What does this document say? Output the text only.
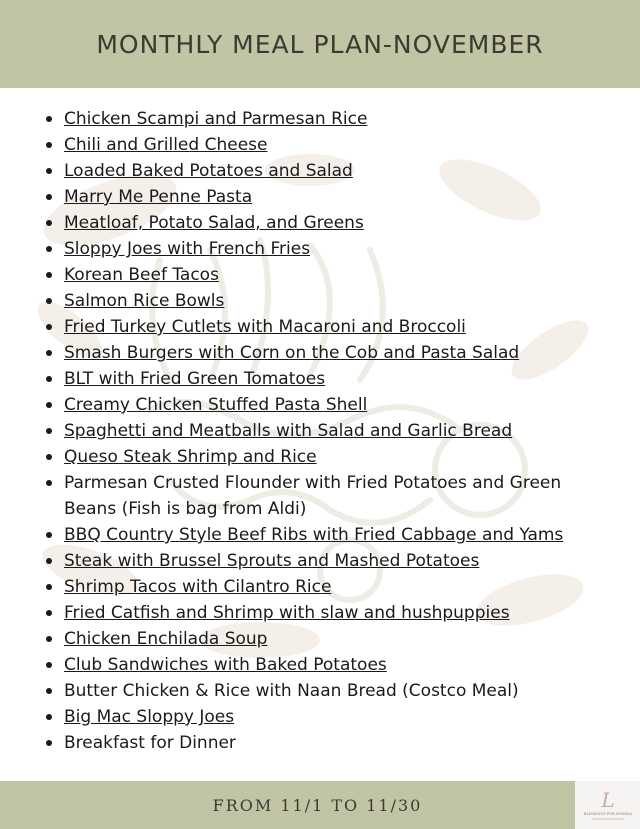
MONTHLY MEAL PLAN-NOVEMBER
Chicken Scampi and Parmesan Rice
Chili and Grilled Cheese
Loaded Baked Potatoes and Salad
Marry Me Penne Pasta
Meatloaf, Potato Salad, and Greens
Sloppy Joes with French Fries
Korean Beef Tacos
Salmon Rice Bowls
Fried Turkey Cutlets with Macaroni and Broccoli
Smash Burgers with Corn on the Cob and Pasta Salad
BLT with Fried Green Tomatoes
Creamy Chicken Stuffed Pasta Shell
Spaghetti and Meatballs with Salad and Garlic Bread
Queso Steak Shrimp and Rice
Parmesan Crusted Flounder with Fried Potatoes and Green Beans (Fish is bag from Aldi)
BBQ Country Style Beef Ribs with Fried Cabbage and Yams
Steak with Brussel Sprouts and Mashed Potatoes
Shrimp Tacos with Cilantro Rice
Fried Catfish and Shrimp with slaw and hushpuppies
Chicken Enchilada Soup
Club Sandwiches with Baked Potatoes
Butter Chicken & Rice with Naan Bread (Costco Meal)
Big Mac Sloppy Joes
Breakfast for Dinner
FROM 11/1 TO 11/30	L
BLESSINGS FOR MOMMA
